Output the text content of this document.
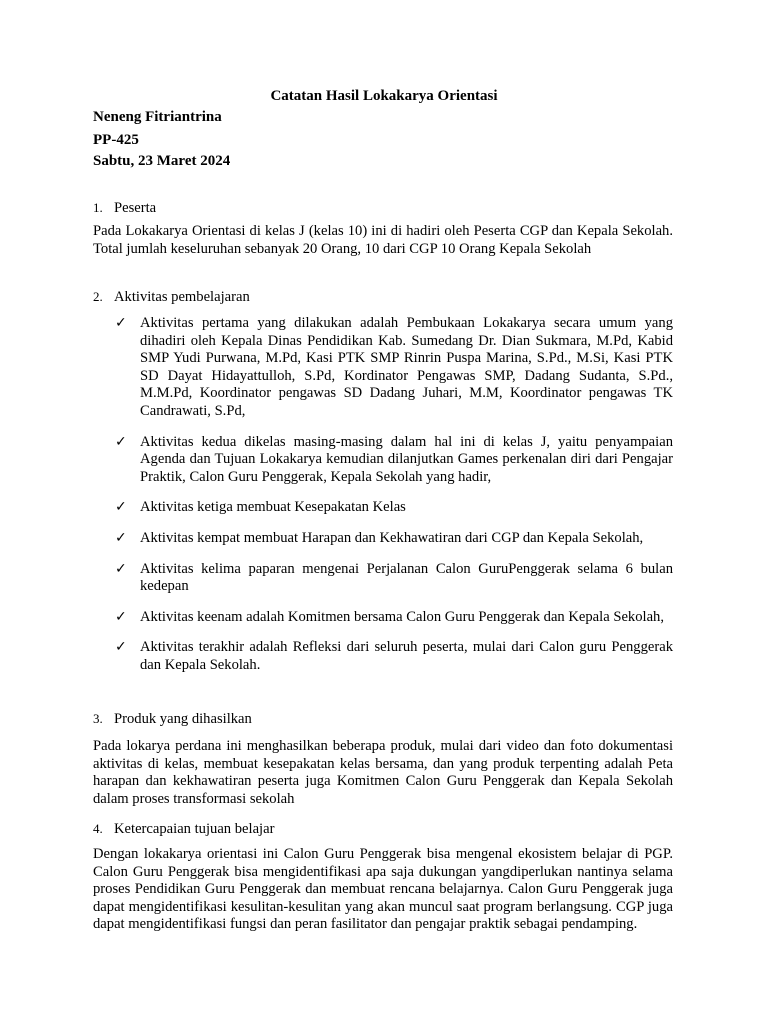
Catatan Hasil Lokakarya Orientasi
Neneng Fitriantrina
PP-425
Sabtu, 23 Maret 2024
1. Peserta
Pada Lokakarya Orientasi di kelas J (kelas 10) ini di hadiri oleh Peserta CGP dan Kepala Sekolah. Total jumlah keseluruhan sebanyak 20 Orang, 10 dari CGP 10 Orang Kepala Sekolah
2. Aktivitas pembelajaran
✓ Aktivitas pertama yang dilakukan adalah Pembukaan Lokakarya secara umum yang dihadiri oleh Kepala Dinas Pendidikan Kab. Sumedang Dr. Dian Sukmara, M.Pd, Kabid SMP Yudi Purwana, M.Pd, Kasi PTK SMP Rinrin Puspa Marina, S.Pd., M.Si, Kasi PTK SD Dayat Hidayattulloh, S.Pd, Kordinator Pengawas SMP, Dadang Sudanta, S.Pd., M.M.Pd, Koordinator pengawas SD Dadang Juhari, M.M, Koordinator pengawas TK Candrawati, S.Pd,
✓ Aktivitas kedua dikelas masing-masing dalam hal ini di kelas J, yaitu penyampaian Agenda dan Tujuan Lokakarya kemudian dilanjutkan Games perkenalan diri dari Pengajar Praktik, Calon Guru Penggerak, Kepala Sekolah yang hadir,
✓ Aktivitas ketiga membuat Kesepakatan Kelas
✓ Aktivitas kempat membuat Harapan dan Kekhawatiran dari CGP dan Kepala Sekolah,
✓ Aktivitas kelima paparan mengenai Perjalanan Calon GuruPenggerak selama 6 bulan kedepan
✓ Aktivitas keenam adalah Komitmen bersama Calon Guru Penggerak dan Kepala Sekolah,
✓ Aktivitas terakhir adalah Refleksi dari seluruh peserta, mulai dari Calon guru Penggerak dan Kepala Sekolah.
3. Produk yang dihasilkan
Pada lokarya perdana ini menghasilkan beberapa produk, mulai dari video dan foto dokumentasi aktivitas di kelas, membuat kesepakatan kelas bersama, dan yang produk terpenting adalah Peta harapan dan kekhawatiran peserta juga Komitmen Calon Guru Penggerak dan Kepala Sekolah dalam proses transformasi sekolah
4. Ketercapaian tujuan belajar
Dengan lokakarya orientasi ini Calon Guru Penggerak bisa mengenal ekosistem belajar di PGP. Calon Guru Penggerak bisa mengidentifikasi apa saja dukungan yangdiperlukan nantinya selama proses Pendidikan Guru Penggerak dan membuat rencana belajarnya. Calon Guru Penggerak juga dapat mengidentifikasi kesulitan-kesulitan yang akan muncul saat program berlangsung. CGP juga dapat mengidentifikasi fungsi dan peran fasilitator dan pengajar praktik sebagai pendamping.
